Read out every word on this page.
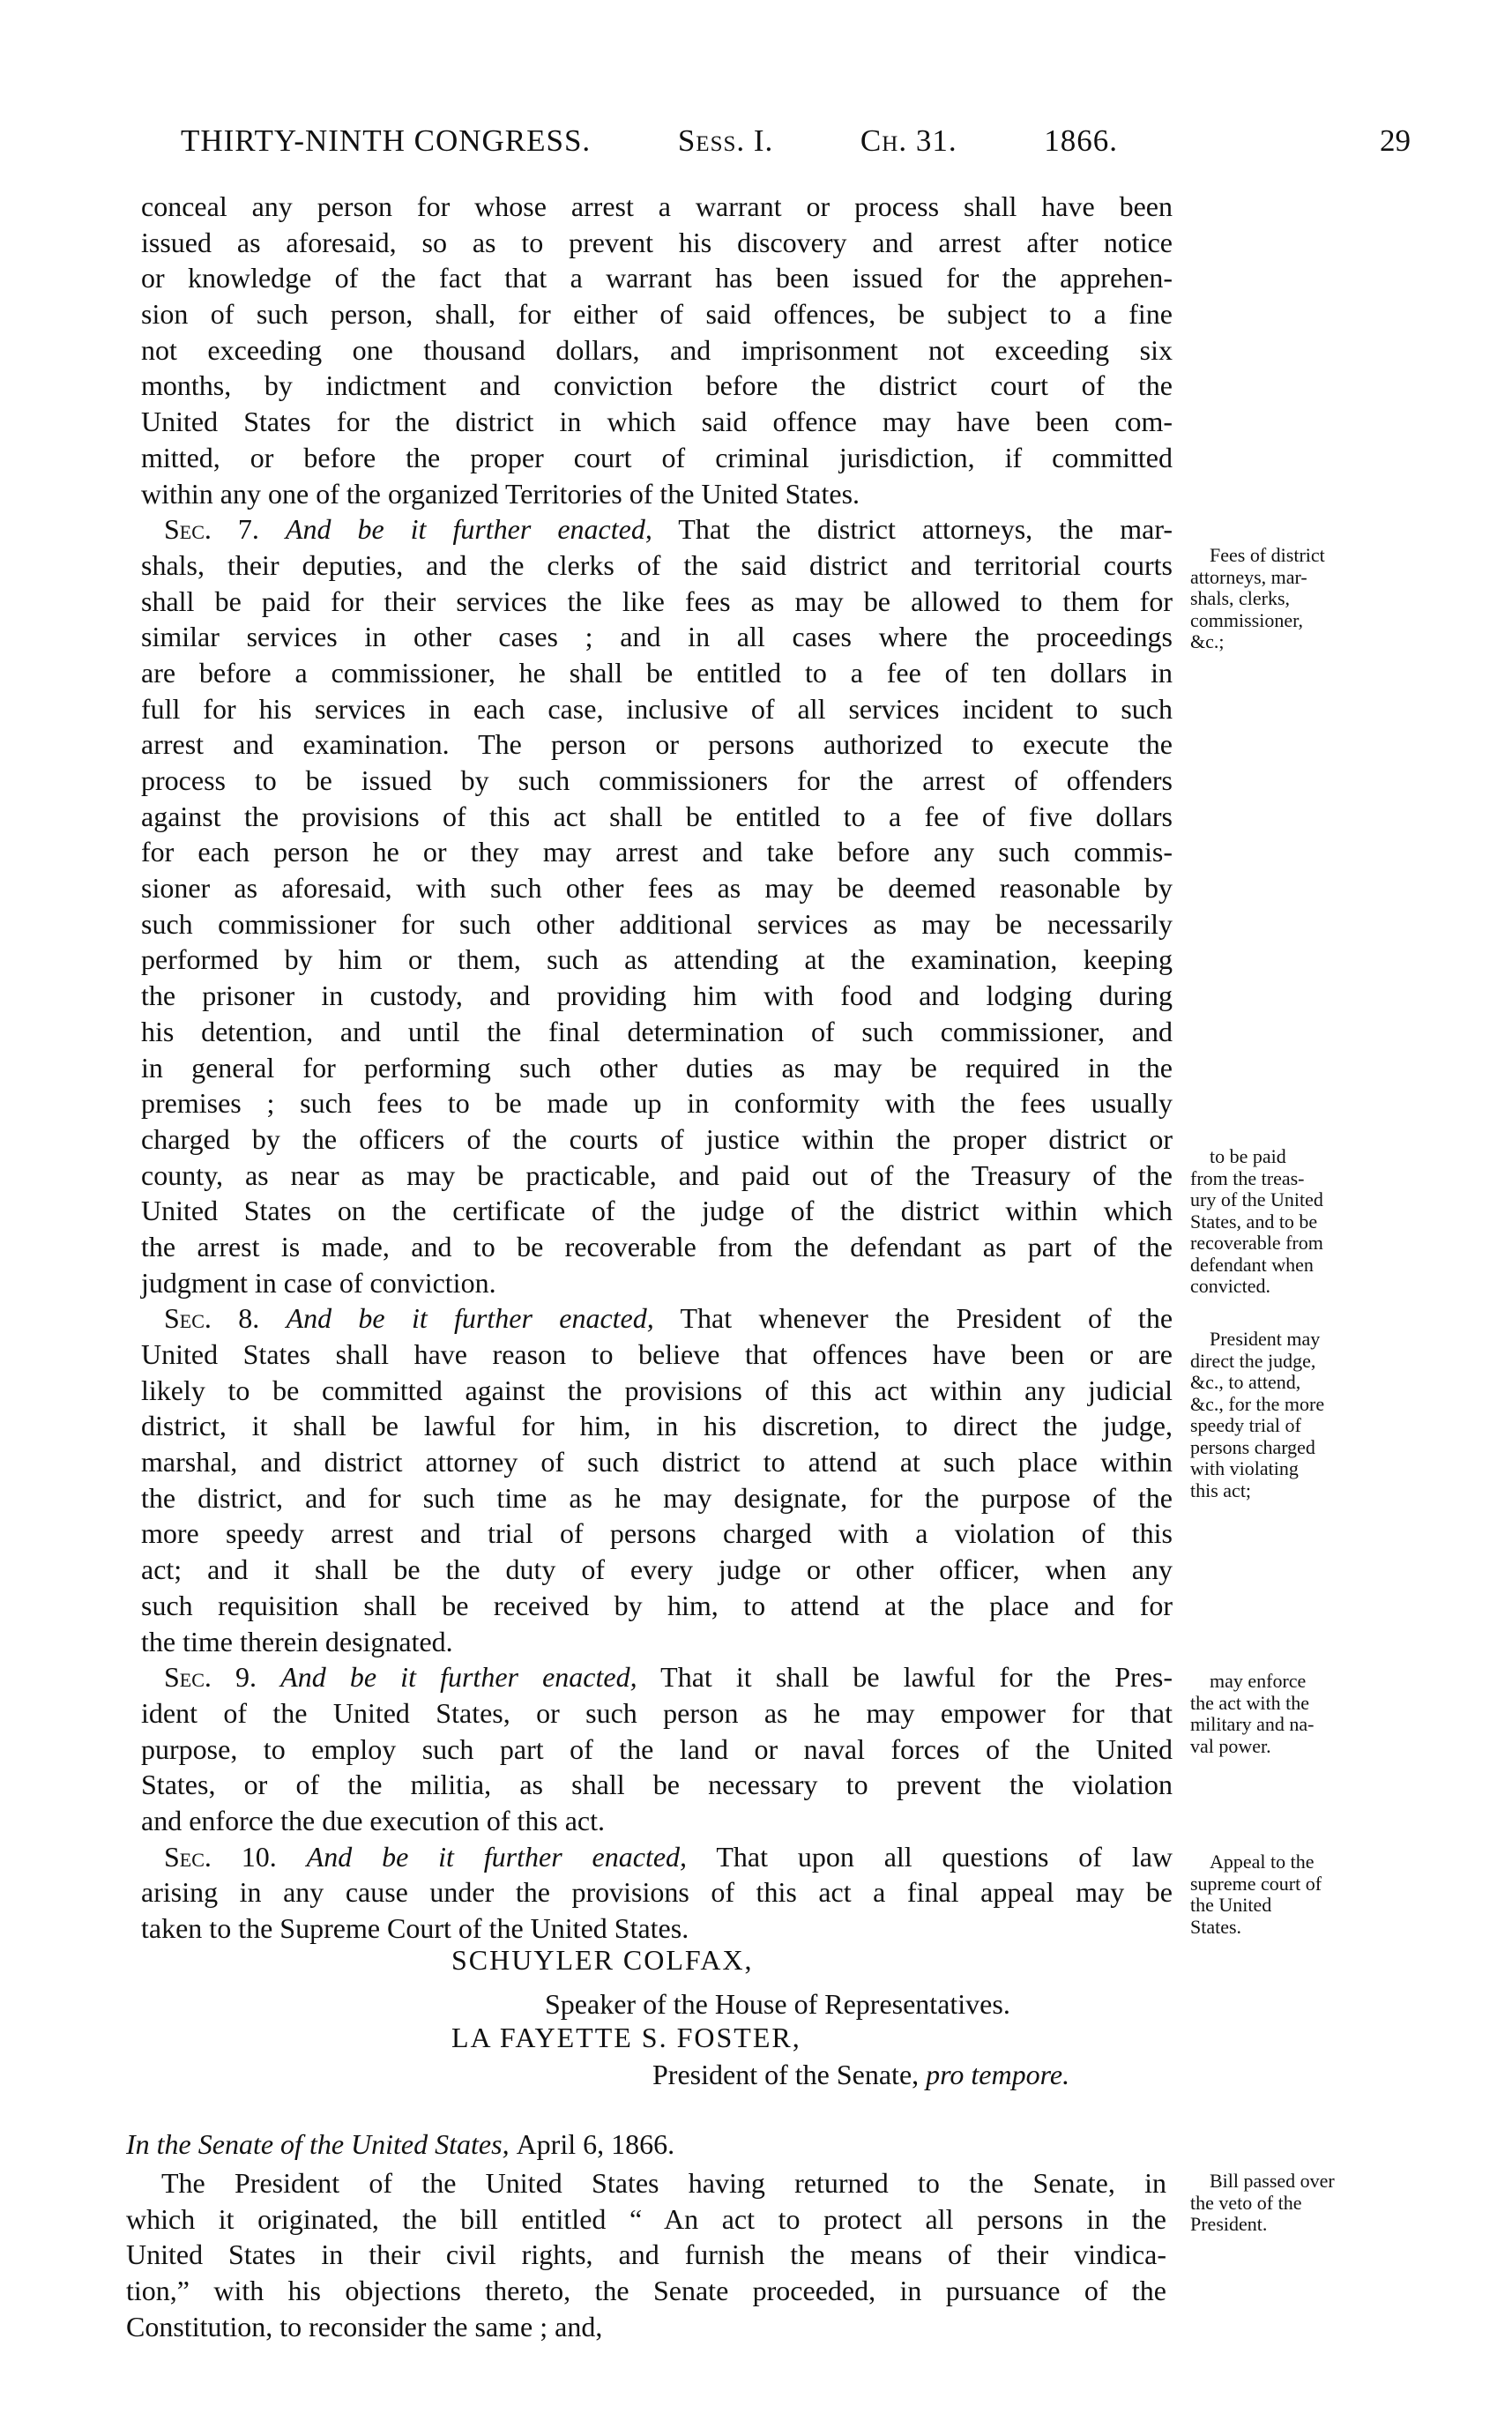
THIRTY-NINTH CONGRESS.	Sess. I.	Ch. 31.	1866.	29
conceal any person for whose arrest a warrant or process shall have been
issued as aforesaid, so as to prevent his discovery and arrest after notice
or knowledge of the fact that a warrant has been issued for the apprehen-
sion of such person, shall, for either of said offences, be subject to a fine
not exceeding one thousand dollars, and imprisonment not exceeding six
months, by indictment and conviction before the district court of the
United States for the district in which said offence may have been com-
mitted, or before the proper court of criminal jurisdiction, if committed
within any one of the organized Territories of the United States.
Sec. 7. And be it further enacted, That the district attorneys, the mar-
shals, their deputies, and the clerks of the said district and territorial courts
shall be paid for their services the like fees as may be allowed to them for
similar services in other cases ; and in all cases where the proceedings
are before a commissioner, he shall be entitled to a fee of ten dollars in
full for his services in each case, inclusive of all services incident to such
arrest and examination. The person or persons authorized to execute the
process to be issued by such commissioners for the arrest of offenders
against the provisions of this act shall be entitled to a fee of five dollars
for each person he or they may arrest and take before any such commis-
sioner as aforesaid, with such other fees as may be deemed reasonable by
such commissioner for such other additional services as may be necessarily
performed by him or them, such as attending at the examination, keeping
the prisoner in custody, and providing him with food and lodging during
his detention, and until the final determination of such commissioner, and
in general for performing such other duties as may be required in the
premises ; such fees to be made up in conformity with the fees usually
charged by the officers of the courts of justice within the proper district or
county, as near as may be practicable, and paid out of the Treasury of the
United States on the certificate of the judge of the district within which
the arrest is made, and to be recoverable from the defendant as part of the
judgment in case of conviction.
Sec. 8. And be it further enacted, That whenever the President of the
United States shall have reason to believe that offences have been or are
likely to be committed against the provisions of this act within any judicial
district, it shall be lawful for him, in his discretion, to direct the judge,
marshal, and district attorney of such district to attend at such place within
the district, and for such time as he may designate, for the purpose of the
more speedy arrest and trial of persons charged with a violation of this
act; and it shall be the duty of every judge or other officer, when any
such requisition shall be received by him, to attend at the place and for
the time therein designated.
Sec. 9. And be it further enacted, That it shall be lawful for the Pres-
ident of the United States, or such person as he may empower for that
purpose, to employ such part of the land or naval forces of the United
States, or of the militia, as shall be necessary to prevent the violation
and enforce the due execution of this act.
Sec. 10. And be it further enacted, That upon all questions of law
arising in any cause under the provisions of this act a final appeal may be
taken to the Supreme Court of the United States.
SCHUYLER COLFAX,
Speaker of the House of Representatives.
LA FAYETTE S. FOSTER,
President of the Senate, pro tempore.
In the Senate of the United States, April 6, 1866.
The President of the United States having returned to the Senate, in
which it originated, the bill entitled “ An act to protect all persons in the
United States in their civil rights, and furnish the means of their vindica-
tion,” with his objections thereto, the Senate proceeded, in pursuance of the
Constitution, to reconsider the same ; and,
Fees of district
attorneys, mar-
shals, clerks,
commissioner,
&c.;
to be paid
from the treas-
ury of the United
States, and to be
recoverable from
defendant when
convicted.
President may
direct the judge,
&c., to attend,
&c., for the more
speedy trial of
persons charged
with violating
this act;
may enforce
the act with the
military and na-
val power.
Appeal to the
supreme court of
the United
States.
Bill passed over
the veto of the
President.
